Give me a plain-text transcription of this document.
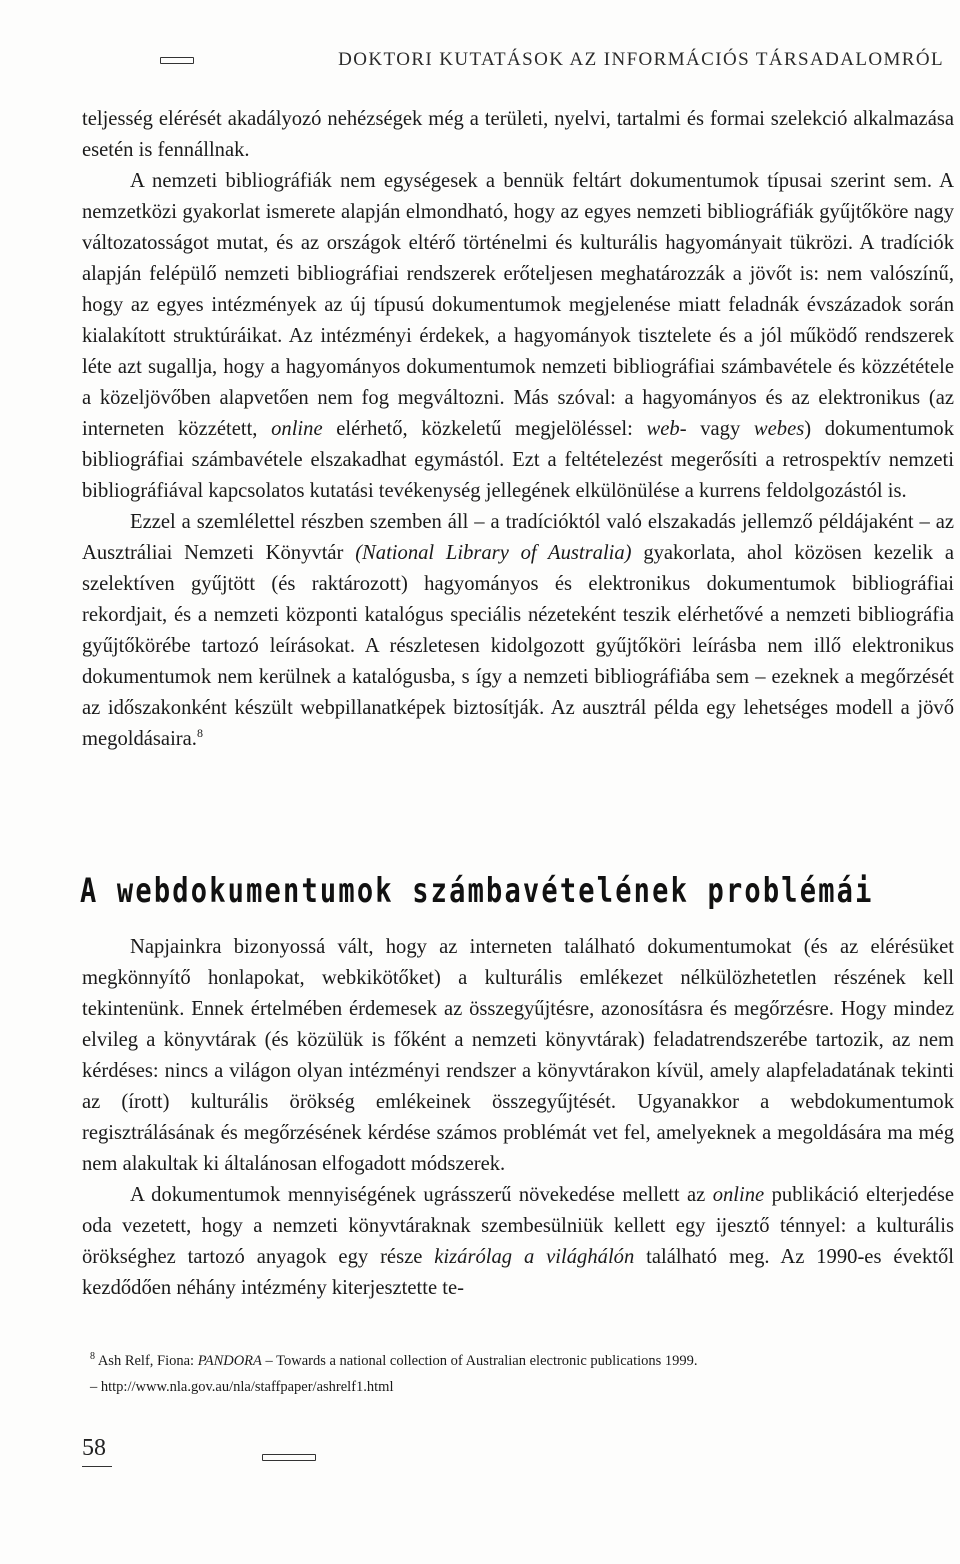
DOKTORI KUTATÁSOK AZ INFORMÁCIÓS TÁRSADALOMRÓL

teljesség elérését akadályozó nehézségek még a területi, nyelvi, tartalmi és formai szelekció alkalmazása esetén is fennállnak.

A nemzeti bibliográfiák nem egységesek a bennük feltárt dokumentumok típusai szerint sem. A nemzetközi gyakorlat ismerete alapján elmondható, hogy az egyes nemzeti bibliográfiák gyűjtőköre nagy változatosságot mutat, és az országok eltérő történelmi és kulturális hagyományait tükrözi. A tradíciók alapján felépülő nemzeti bibliográfiai rendszerek erőteljesen meghatározzák a jövőt is: nem valószínű, hogy az egyes intézmények az új típusú dokumentumok megjelenése miatt feladnák évszázadok során kialakított struktúráikat. Az intézményi érdekek, a hagyományok tisztelete és a jól működő rendszerek léte azt sugallja, hogy a hagyományos dokumentumok nemzeti bibliográfiai számbavétele és közzététele a közeljövőben alapvetően nem fog megváltozni. Más szóval: a hagyományos és az elektronikus (az interneten közzétett, online elérhető, közkeletű megjelöléssel: web- vagy webes) dokumentumok bibliográfiai számbavétele elszakadhat egymástól. Ezt a feltételezést megerősíti a retrospektív nemzeti bibliográfiával kapcsolatos kutatási tevékenység jellegének elkülönülése a kurrens feldolgozástól is.

Ezzel a szemlélettel részben szemben áll – a tradícióktól való elszakadás jellemző példájaként – az Ausztráliai Nemzeti Könyvtár (National Library of Australia) gyakorlata, ahol közösen kezelik a szelektíven gyűjtött (és raktározott) hagyományos és elektronikus dokumentumok bibliográfiai rekordjait, és a nemzeti központi katalógus speciális nézeteként teszik elérhetővé a nemzeti bibliográfia gyűjtőkörébe tartozó leírásokat. A részletesen kidolgozott gyűjtőköri leírásba nem illő elektronikus dokumentumok nem kerülnek a katalógusba, s így a nemzeti bibliográfiába sem – ezeknek a megőrzését az időszakonként készült webpillanatképek biztosítják. Az ausztrál példa egy lehetséges modell a jövő megoldásaira.$^8$

A webdokumentumok számbavételének problémái

Napjainkra bizonyossá vált, hogy az interneten található dokumentumokat (és az elérésüket megkönnyítő honlapokat, webkikötőket) a kulturális emlékezet nélkülözhetetlen részének kell tekintenünk. Ennek értelmében érdemesek az összegyűjtésre, azonosításra és megőrzésre. Hogy mindez elvileg a könyvtárak (és közülük is főként a nemzeti könyvtárak) feladatrendszerébe tartozik, az nem kérdéses: nincs a világon olyan intézményi rendszer a könyvtárakon kívül, amely alapfeladatának tekinti az (írott) kulturális örökség emlékeinek összegyűjtését. Ugyanakkor a webdokumentumok regisztrálásának és megőrzésének kérdése számos problémát vet fel, amelyeknek a megoldására ma még nem alakultak ki általánosan elfogadott módszerek.

A dokumentumok mennyiségének ugrásszerű növekedése mellett az online publikáció elterjedése oda vezetett, hogy a nemzeti könyvtáraknak szembesülniük kellett egy ijesztő ténnyel: a kulturális örökséghez tartozó anyagok egy része kizárólag a világhálón található meg. Az 1990-es évektől kezdődően néhány intézmény kiterjesztette te-

$^8$ Ash Relf, Fiona: PANDORA – Towards a national collection of Australian electronic publications 1999.

– http://www.nla.gov.au/nla/staffpaper/ashrelf1.html

58
